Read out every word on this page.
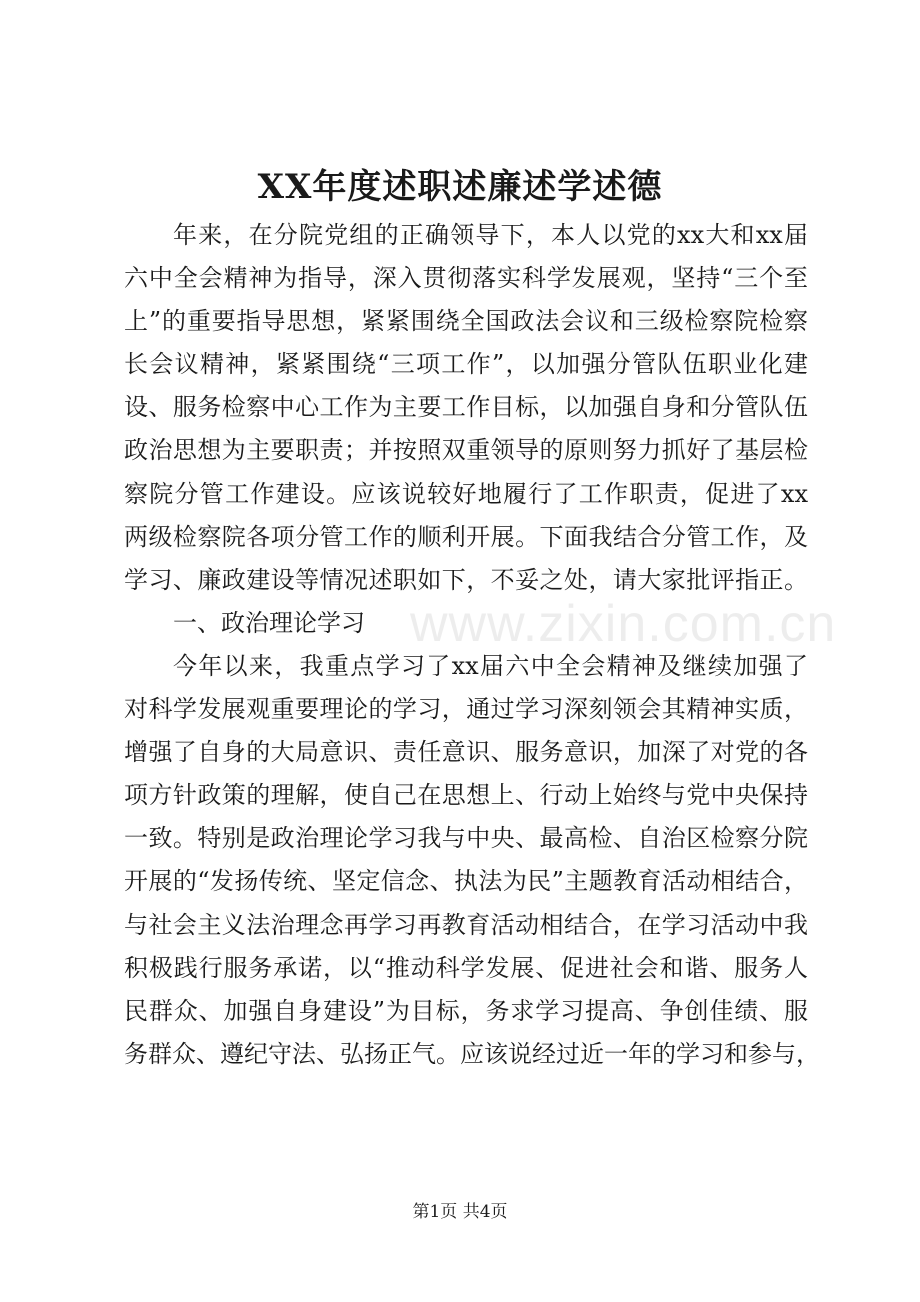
XX年度述职述廉述学述德
年来，在分院党组的正确领导下，本人以党的xx大和xx届
六中全会精神为指导，深入贯彻落实科学发展观，坚持“三个至
上”的重要指导思想，紧紧围绕全国政法会议和三级检察院检察
长会议精神，紧紧围绕“三项工作”，以加强分管队伍职业化建
设、服务检察中心工作为主要工作目标，以加强自身和分管队伍
政治思想为主要职责；并按照双重领导的原则努力抓好了基层检
察院分管工作建设。应该说较好地履行了工作职责，促进了xx
两级检察院各项分管工作的顺利开展。下面我结合分管工作，及
学习、廉政建设等情况述职如下，不妥之处，请大家批评指正。
一、政治理论学习
今年以来，我重点学习了xx届六中全会精神及继续加强了
对科学发展观重要理论的学习，通过学习深刻领会其精神实质，
增强了自身的大局意识、责任意识、服务意识，加深了对党的各
项方针政策的理解，使自己在思想上、行动上始终与党中央保持
一致。特别是政治理论学习我与中央、最高检、自治区检察分院
开展的“发扬传统、坚定信念、执法为民”主题教育活动相结合，
与社会主义法治理念再学习再教育活动相结合，在学习活动中我
积极践行服务承诺，以“推动科学发展、促进社会和谐、服务人
民群众、加强自身建设”为目标，务求学习提高、争创佳绩、服
务群众、遵纪守法、弘扬正气。应该说经过近一年的学习和参与，
www.zixin.com.cn
第1页 共4页
